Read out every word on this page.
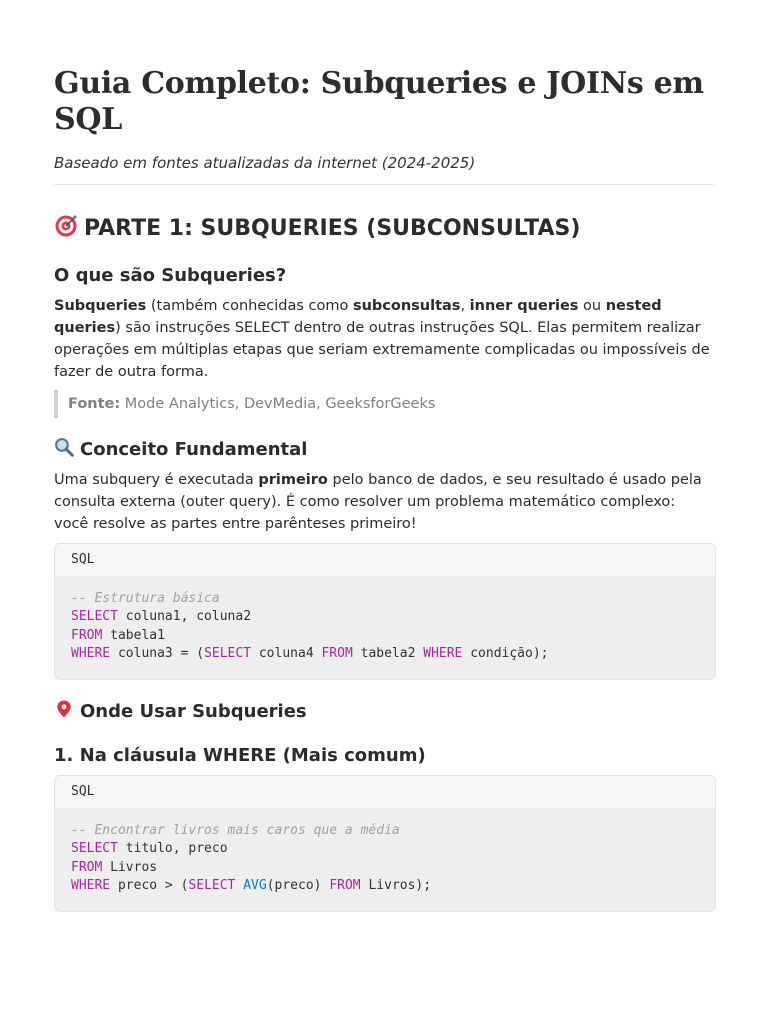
Guia Completo: Subqueries e JOINs em SQL

Baseado em fontes atualizadas da internet (2024-2025)

PARTE 1: SUBQUERIES (SUBCONSULTAS)
O que são Subqueries?

Subqueries (também conhecidas como subconsultas, inner queries ou nested queries) são instruções SELECT dentro de outras instruções SQL. Elas permitem realizar operações em múltiplas etapas que seriam extremamente complicadas ou impossíveis de fazer de outra forma.

Fonte: Mode Analytics, DevMedia, GeeksforGeeks
Conceito Fundamental

Uma subquery é executada primeiro pelo banco de dados, e seu resultado é usado pela consulta externa (outer query). É como resolver um problema matemático complexo: você resolve as partes entre parênteses primeiro!

SQL
-- Estrutura básica
SELECT coluna1, coluna2
FROM tabela1
WHERE coluna3 = (SELECT coluna4 FROM tabela2 WHERE condição);
Onde Usar Subqueries
1. Na cláusula WHERE (Mais comum)
SQL
-- Encontrar livros mais caros que a média
SELECT titulo, preco
FROM Livros
WHERE preco > (SELECT AVG(preco) FROM Livros);
